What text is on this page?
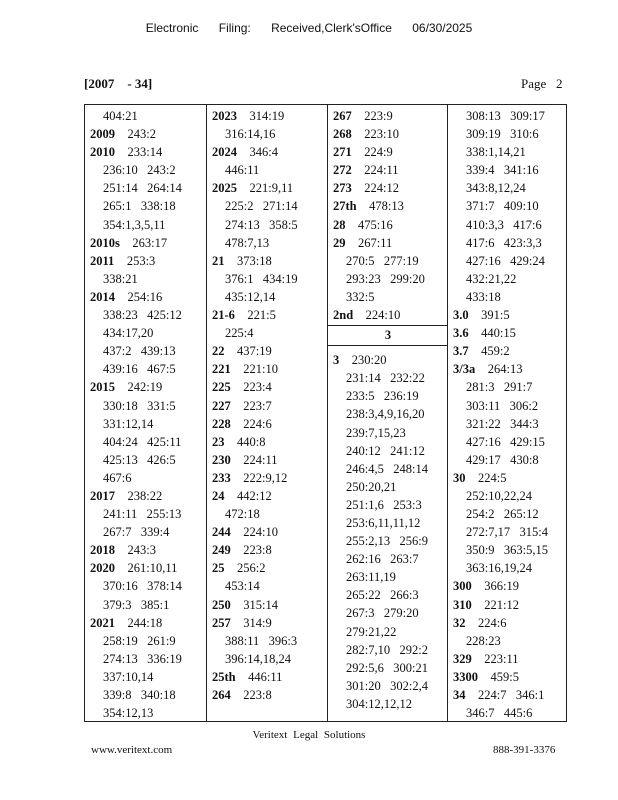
Electronic Filing: Received,Clerk'sOffice 06/30/2025
[2007    - 34]	Page   2
404:21
2009 243:2
2010 233:14
236:10   243:2
251:14   264:14
265:1   338:18
354:1,3,5,11
2010s 263:17
2011 253:3
338:21
2014 254:16
338:23   425:12
434:17,20
437:2   439:13
439:16   467:5
2015 242:19
330:18   331:5
331:12,14
404:24   425:11
425:13   426:5
467:6
2017 238:22
241:11   255:13
267:7   339:4
2018 243:3
2020 261:10,11
370:16   378:14
379:3   385:1
2021 244:18
258:19   261:9
274:13   336:19
337:10,14
339:8   340:18
354:12,13
2023 314:19
316:14,16
2024 346:4
446:11
2025 221:9,11
225:2   271:14
274:13   358:5
478:7,13
21 373:18
376:1   434:19
435:12,14
21-6 221:5
225:4
22 437:19
221 221:10
225 223:4
227 223:7
228 224:6
23 440:8
230 224:11
233 222:9,12
24 442:12
472:18
244 224:10
249 223:8
25 256:2
453:14
250 315:14
257 314:9
388:11   396:3
396:14,18,24
25th 446:11
264 223:8
267 223:9
268 223:10
271 224:9
272 224:11
273 224:12
27th 478:13
28 475:16
29 267:11
270:5   277:19
293:23   299:20
332:5
2nd 224:10
3
3 230:20
231:14   232:22
233:5   236:19
238:3,4,9,16,20
239:7,15,23
240:12   241:12
246:4,5   248:14
250:20,21
251:1,6   253:3
253:6,11,11,12
255:2,13   256:9
262:16   263:7
263:11,19
265:22   266:3
267:3   279:20
279:21,22
282:7,10   292:2
292:5,6   300:21
301:20   302:2,4
304:12,12,12
308:13   309:17
309:19   310:6
338:1,14,21
339:4   341:16
343:8,12,24
371:7   409:10
410:3,3   417:6
417:6   423:3,3
427:16   429:24
432:21,22
433:18
3.0 391:5
3.6 440:15
3.7 459:2
3/3a 264:13
281:3   291:7
303:11   306:2
321:22   344:3
427:16   429:15
429:17   430:8
30 224:5
252:10,22,24
254:2   265:12
272:7,17   315:4
350:9   363:5,15
363:16,19,24
300 366:19
310 221:12
32 224:6
228:23
329 223:11
3300 459:5
34 224:7   346:1
346:7   445:6
Veritext Legal Solutions
www.veritext.com	888-391-3376
